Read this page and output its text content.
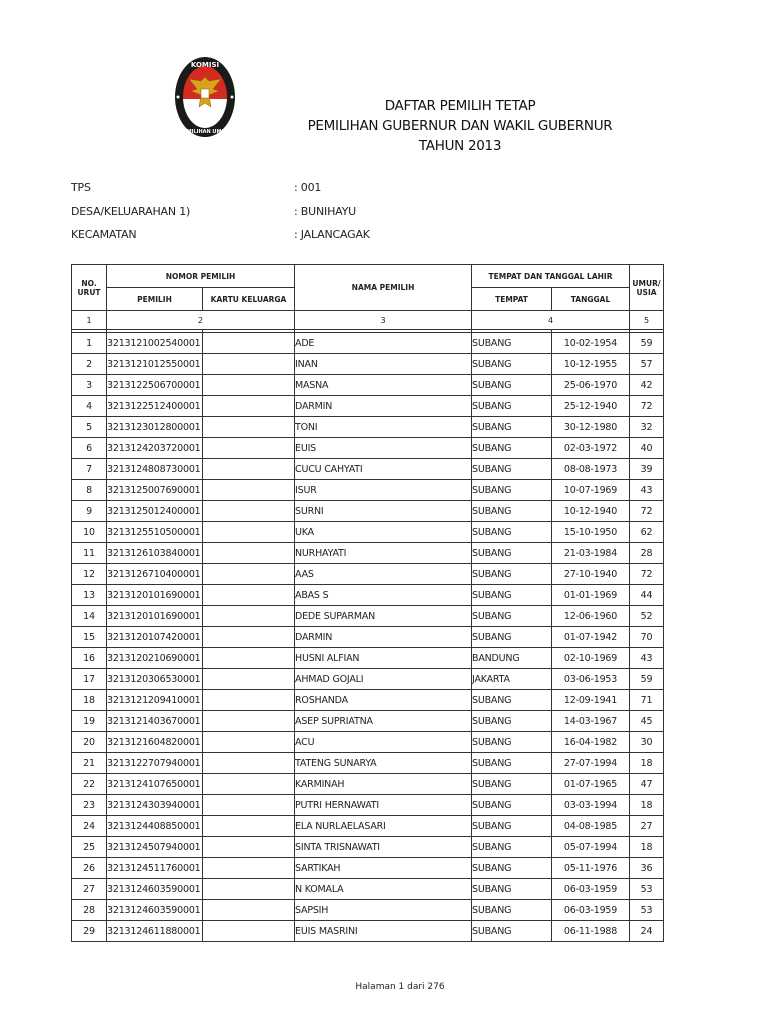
KOMISI
PEMILIHAN UMUM
DAFTAR PEMILIH TETAP
PEMILIHAN GUBERNUR DAN WAKIL GUBERNUR
TAHUN 2013
TPS	: 001
DESA/KELUARAHAN 1)	: BUNIHAYU
KECAMATAN	: JALANCAGAK
NO. URUT	NOMOR PEMILIH		NAMA PEMILIH	TEMPAT DAN TANGGAL LAHIR		UMUR/ USIA
	PEMILIH	KARTU KELUARGA		TEMPAT	TANGGAL	
1	2		3	4		5

1	3213121002540001		ADE	SUBANG	10-02-1954	59
2	3213121012550001		INAN	SUBANG	10-12-1955	57
3	3213122506700001		MASNA	SUBANG	25-06-1970	42
4	3213122512400001		DARMIN	SUBANG	25-12-1940	72
5	3213123012800001		TONI	SUBANG	30-12-1980	32
6	3213124203720001		EUIS	SUBANG	02-03-1972	40
7	3213124808730001		CUCU CAHYATI	SUBANG	08-08-1973	39
8	3213125007690001		ISUR	SUBANG	10-07-1969	43
9	3213125012400001		SURNI	SUBANG	10-12-1940	72
10	3213125510500001		UKA	SUBANG	15-10-1950	62
11	3213126103840001		NURHAYATI	SUBANG	21-03-1984	28
12	3213126710400001		AAS	SUBANG	27-10-1940	72
13	3213120101690001		ABAS S	SUBANG	01-01-1969	44
14	3213120101690001		DEDE SUPARMAN	SUBANG	12-06-1960	52
15	3213120107420001		DARMIN	SUBANG	01-07-1942	70
16	3213120210690001		HUSNI ALFIAN	BANDUNG	02-10-1969	43
17	3213120306530001		AHMAD GOJALI	JAKARTA	03-06-1953	59
18	3213121209410001		ROSHANDA	SUBANG	12-09-1941	71
19	3213121403670001		ASEP SUPRIATNA	SUBANG	14-03-1967	45
20	3213121604820001		ACU	SUBANG	16-04-1982	30
21	3213122707940001		TATENG SUNARYA	SUBANG	27-07-1994	18
22	3213124107650001		KARMINAH	SUBANG	01-07-1965	47
23	3213124303940001		PUTRI HERNAWATI	SUBANG	03-03-1994	18
24	3213124408850001		ELA NURLAELASARI	SUBANG	04-08-1985	27
25	3213124507940001		SINTA TRISNAWATI	SUBANG	05-07-1994	18
26	3213124511760001		SARTIKAH	SUBANG	05-11-1976	36
27	3213124603590001		N KOMALA	SUBANG	06-03-1959	53
28	3213124603590001		SAPSIH	SUBANG	06-03-1959	53
29	3213124611880001		EUIS MASRINI	SUBANG	06-11-1988	24
Halaman 1 dari 276
